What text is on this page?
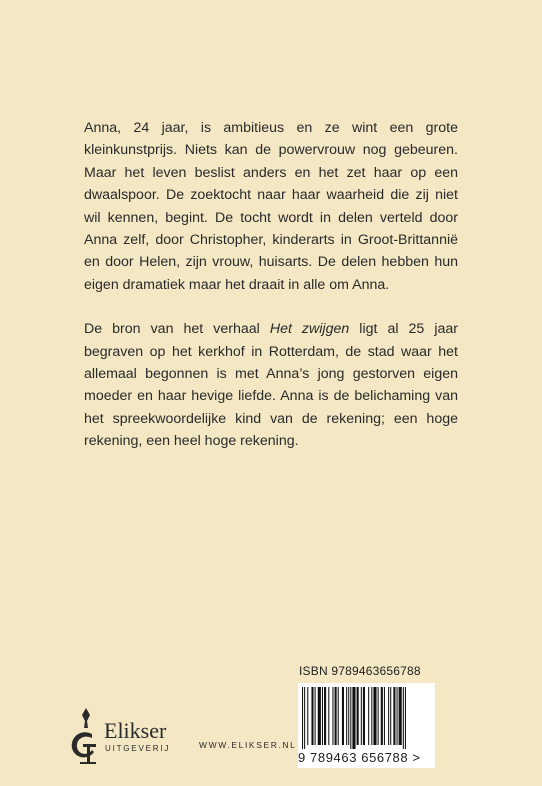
Anna, 24 jaar, is ambitieus en ze wint een grote kleinkunstprijs. Niets kan de powervrouw nog gebeuren. Maar het leven beslist anders en het zet haar op een dwaalspoor. De zoektocht naar haar waarheid die zij niet wil kennen, begint. De tocht wordt in delen verteld door Anna zelf, door Christopher, kinderarts in Groot-Brittannië en door Helen, zijn vrouw, huisarts. De delen hebben hun eigen dramatiek maar het draait in alle om Anna.

De bron van het verhaal Het zwijgen ligt al 25 jaar begraven op het kerkhof in Rotterdam, de stad waar het allemaal begonnen is met Anna’s jong gestorven eigen moeder en haar hevige liefde. Anna is de belichaming van het spreekwoordelijke kind van de rekening; een hoge rekening, een heel hoge rekening.

ISBN 9789463656788
9 789463 656788 >
Elikser
UITGEVERIJ	WWW.ELIKSER.NL
